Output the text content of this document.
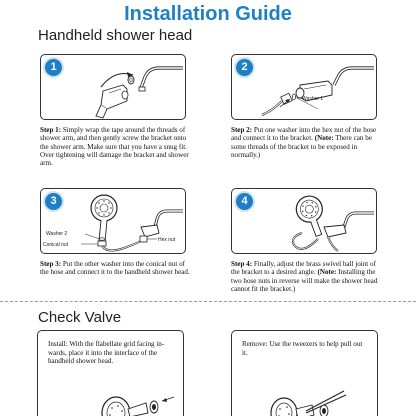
Installation Guide
Handheld shower head
1
Washer 1
2
Step 1: Simply wrap the tape around the threads of shower arm, and then gently screw the bracket onto the shower arm. Make sure that you have a snug fit. Over tightening will damage the bracket and shower arm.
Step 2: Put one washer into the hex nut of the hose and connect it to the bracket. (Note: There can be some threads of the bracket to be exposed in normally.)
Washer 2
Conical nut
Hex nut
3	4
Step 3: Put the other washer into the conical nut of the hose and connect it to the handheld shower head.
Step 4: Finally, adjust the brass swivel ball joint of the bracket to a desired angle. (Note: Installing the two hose nuts in reverse will make the shower head cannot fit the bracket.)
Check Valve
Install: With the flabellate grid facing in-wards, place it into the interface of the handheld shower head.
Remove: Use the tweezers to help pull out it.
